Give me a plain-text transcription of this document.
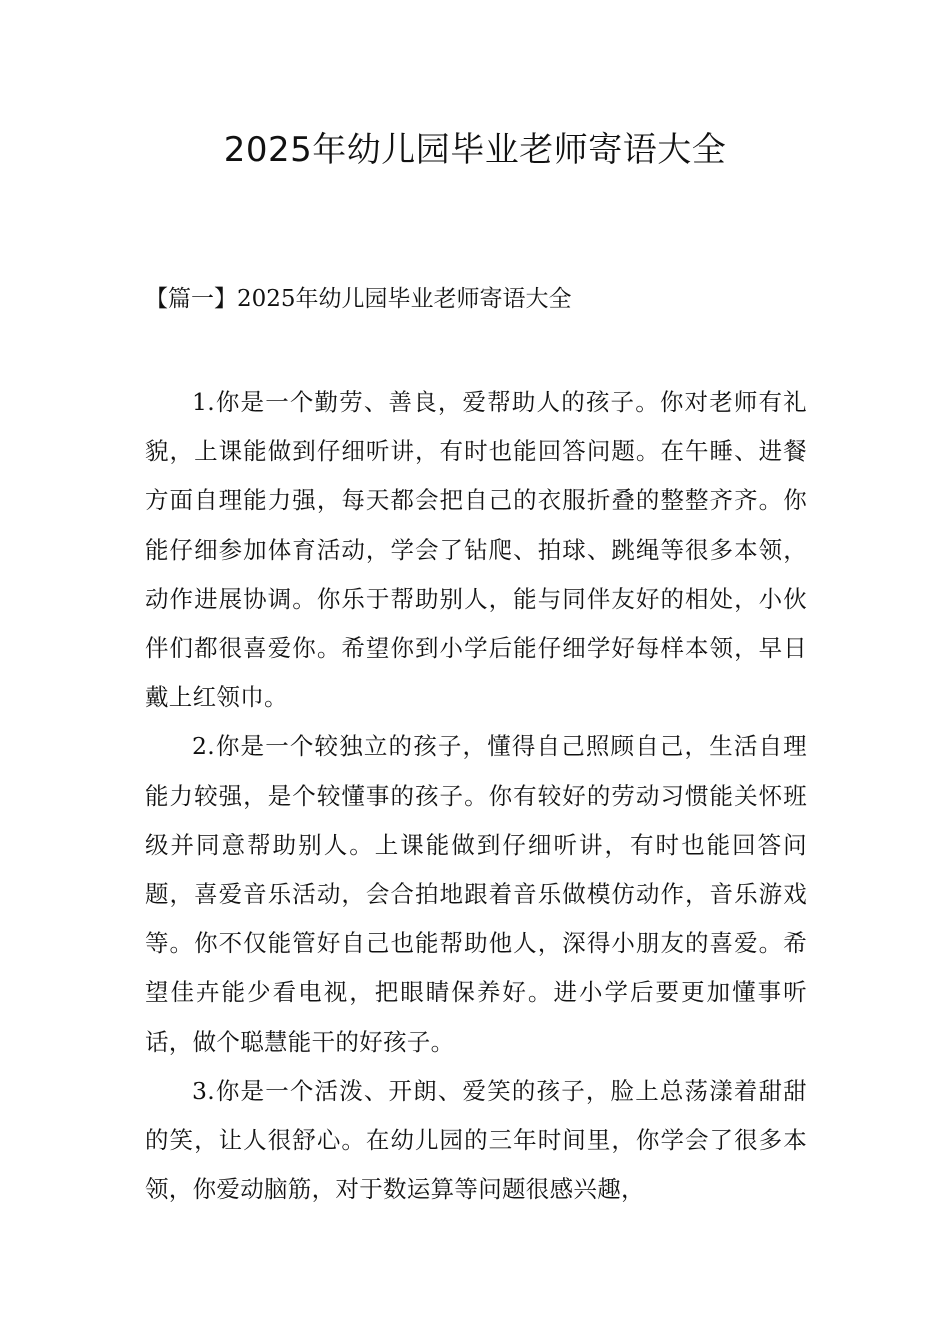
2025年幼儿园毕业老师寄语大全
【篇一】2025年幼儿园毕业老师寄语大全

1.你是一个勤劳、善良，爱帮助人的孩子。你对老师有礼貌，上课能做到仔细听讲，有时也能回答问题。在午睡、进餐方面自理能力强，每天都会把自己的衣服折叠的整整齐齐。你能仔细参加体育活动，学会了钻爬、拍球、跳绳等很多本领，动作进展协调。你乐于帮助别人，能与同伴友好的相处，小伙伴们都很喜爱你。希望你到小学后能仔细学好每样本领，早日戴上红领巾。

2.你是一个较独立的孩子，懂得自己照顾自己，生活自理能力较强，是个较懂事的孩子。你有较好的劳动习惯能关怀班级并同意帮助别人。上课能做到仔细听讲，有时也能回答问题，喜爱音乐活动，会合拍地跟着音乐做模仿动作，音乐游戏等。你不仅能管好自己也能帮助他人，深得小朋友的喜爱。希望佳卉能少看电视，把眼睛保养好。进小学后要更加懂事听话，做个聪慧能干的好孩子。

3.你是一个活泼、开朗、爱笑的孩子，脸上总荡漾着甜甜的笑，让人很舒心。在幼儿园的三年时间里，你学会了很多本领，你爱动脑筋，对于数运算等问题很感兴趣，
